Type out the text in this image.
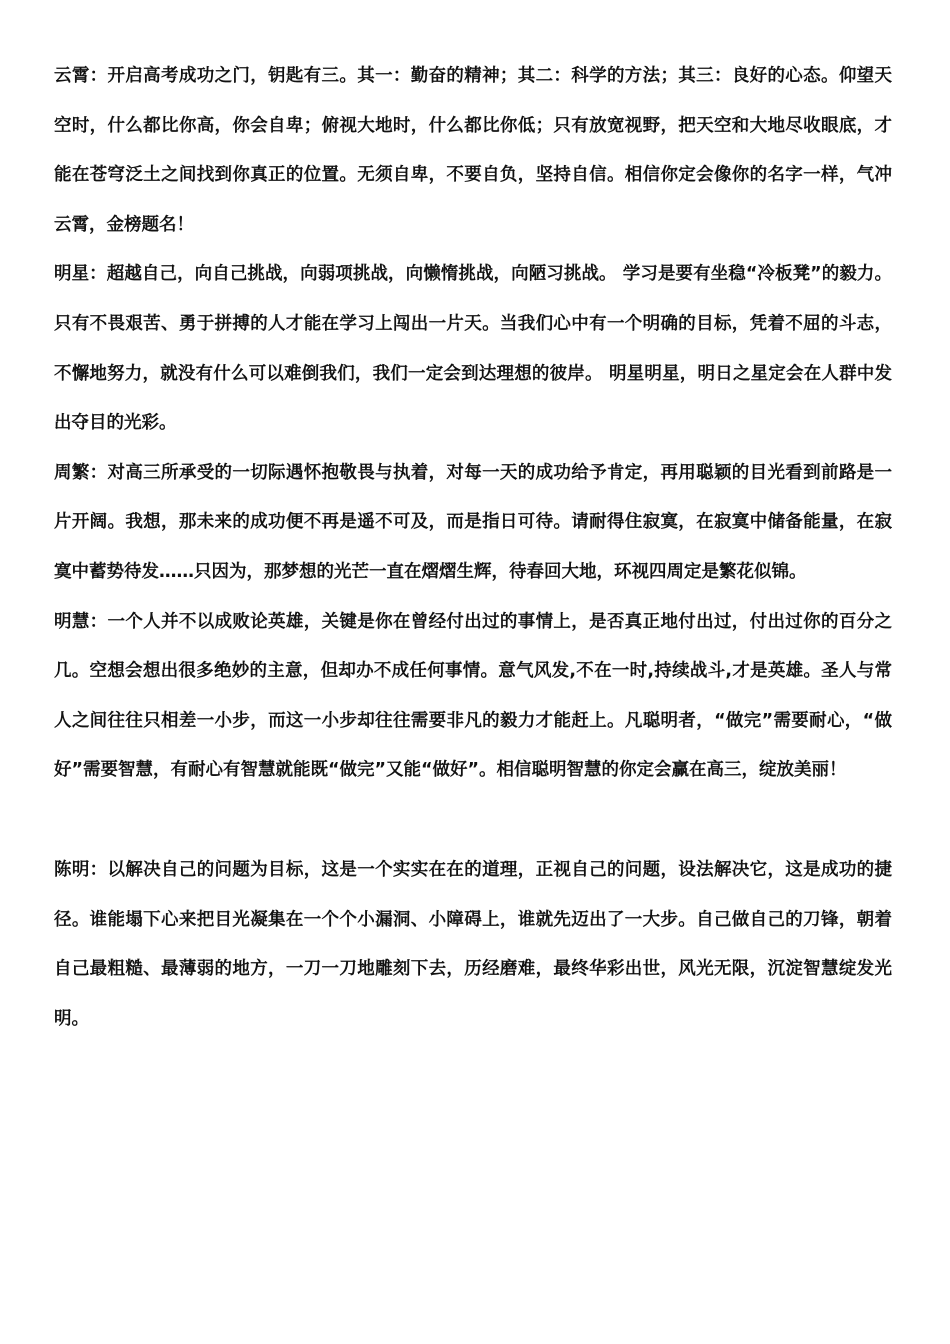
云霄：开启高考成功之门，钥匙有三。其一：勤奋的精神；其二：科学的方法；其三：良好的心态。仰望天空时，什么都比你高，你会自卑；俯视大地时，什么都比你低；只有放宽视野，把天空和大地尽收眼底，才能在苍穹泛土之间找到你真正的位置。无须自卑，不要自负，坚持自信。相信你定会像你的名字一样，气冲云霄，金榜题名！

明星：超越自己，向自己挑战，向弱项挑战，向懒惰挑战，向陋习挑战。 学习是要有坐稳“冷板凳”的毅力。只有不畏艰苦、勇于拼搏的人才能在学习上闯出一片天。当我们心中有一个明确的目标，凭着不屈的斗志，不懈地努力，就没有什么可以难倒我们，我们一定会到达理想的彼岸。 明星明星，明日之星定会在人群中发出夺目的光彩。

周繁：对高三所承受的一切际遇怀抱敬畏与执着，对每一天的成功给予肯定，再用聪颖的目光看到前路是一片开阔。我想，那未来的成功便不再是遥不可及，而是指日可待。请耐得住寂寞，在寂寞中储备能量，在寂寞中蓄势待发……只因为，那梦想的光芒一直在熠熠生辉，待春回大地，环视四周定是繁花似锦。

明慧：一个人并不以成败论英雄，关键是你在曾经付出过的事情上，是否真正地付出过，付出过你的百分之几。空想会想出很多绝妙的主意，但却办不成任何事情。意气风发,不在一时,持续战斗,才是英雄。圣人与常人之间往往只相差一小步，而这一小步却往往需要非凡的毅力才能赶上。凡聪明者，“做完”需要耐心，“做好”需要智慧，有耐心有智慧就能既“做完”又能“做好”。相信聪明智慧的你定会赢在高三，绽放美丽！

陈明：以解决自己的问题为目标，这是一个实实在在的道理，正视自己的问题，设法解决它，这是成功的捷径。谁能塌下心来把目光凝集在一个个小漏洞、小障碍上，谁就先迈出了一大步。自己做自己的刀锋，朝着自己最粗糙、最薄弱的地方，一刀一刀地雕刻下去，历经磨难，最终华彩出世，风光无限，沉淀智慧绽发光明。
